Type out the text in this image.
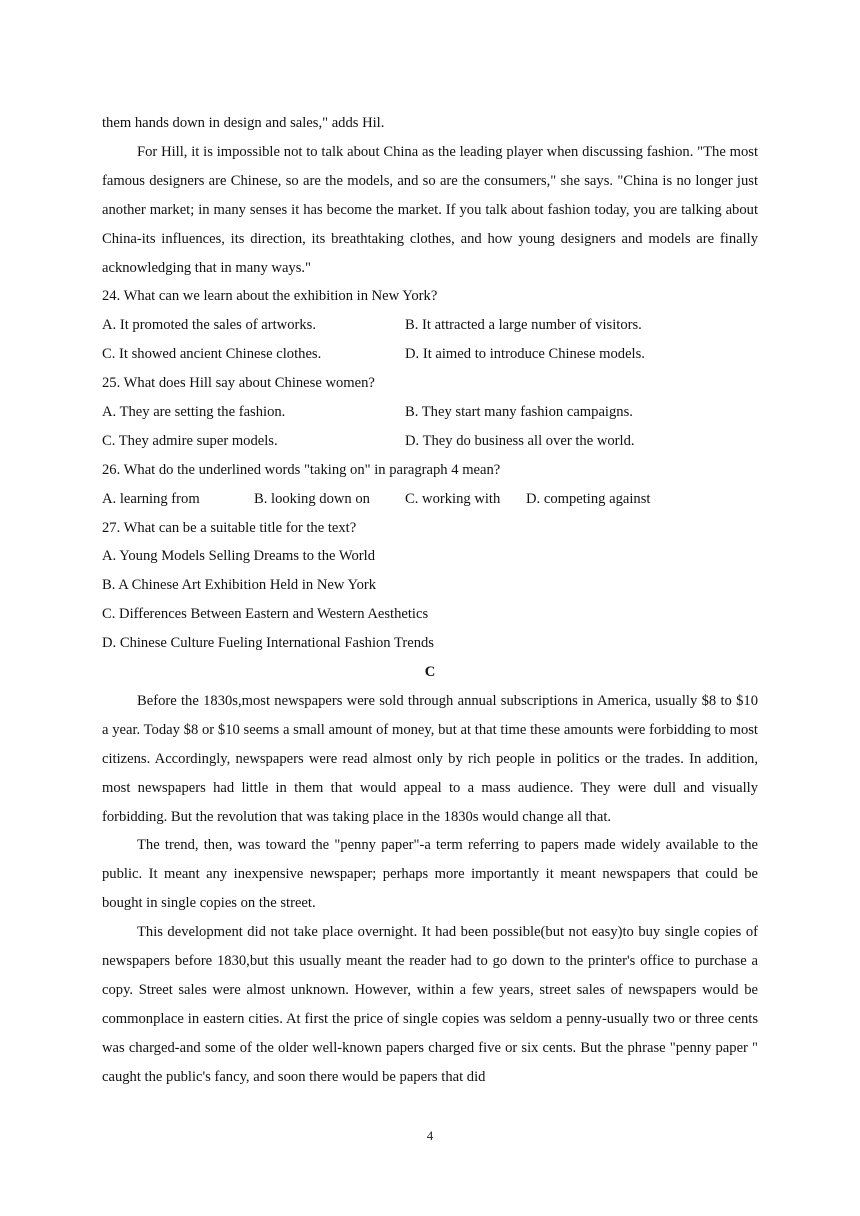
them hands down in design and sales," adds Hil.

For Hill, it is impossible not to talk about China as the leading player when discussing fashion. "The most famous designers are Chinese, so are the models, and so are the consumers," she says. "China is no longer just another market; in many senses it has become the market. If you talk about fashion today, you are talking about China-its influences, its direction, its breathtaking clothes, and how young designers and models are finally acknowledging that in many ways."

24. What can we learn about the exhibition in New York?
A. It promoted the sales of artworks.	B. It attracted a large number of visitors.
C. It showed ancient Chinese clothes.	D. It aimed to introduce Chinese models.
25. What does Hill say about Chinese women?
A. They are setting the fashion.	B. They start many fashion campaigns.
C. They admire super models.	D. They do business all over the world.
26. What do the underlined words "taking on" in paragraph 4 mean?
A. learning from	B. looking down on	C. working with	D. competing against
27. What can be a suitable title for the text?
A. Young Models Selling Dreams to the World
B. A Chinese Art Exhibition Held in New York
C. Differences Between Eastern and Western Aesthetics
D. Chinese Culture Fueling International Fashion Trends
C

Before the 1830s,most newspapers were sold through annual subscriptions in America, usually $8 to $10 a year. Today $8 or $10 seems a small amount of money, but at that time these amounts were forbidding to most citizens. Accordingly, newspapers were read almost only by rich people in politics or the trades. In addition, most newspapers had little in them that would appeal to a mass audience. They were dull and visually forbidding. But the revolution that was taking place in the 1830s would change all that.

The trend, then, was toward the "penny paper"-a term referring to papers made widely available to the public. It meant any inexpensive newspaper; perhaps more importantly it meant newspapers that could be bought in single copies on the street.

This development did not take place overnight. It had been possible(but not easy)to buy single copies of newspapers before 1830,but this usually meant the reader had to go down to the printer's office to purchase a copy. Street sales were almost unknown. However, within a few years, street sales of newspapers would be commonplace in eastern cities. At first the price of single copies was seldom a penny-usually two or three cents was charged-and some of the older well-known papers charged five or six cents. But the phrase "penny paper " caught the public's fancy, and soon there would be papers that did

4
